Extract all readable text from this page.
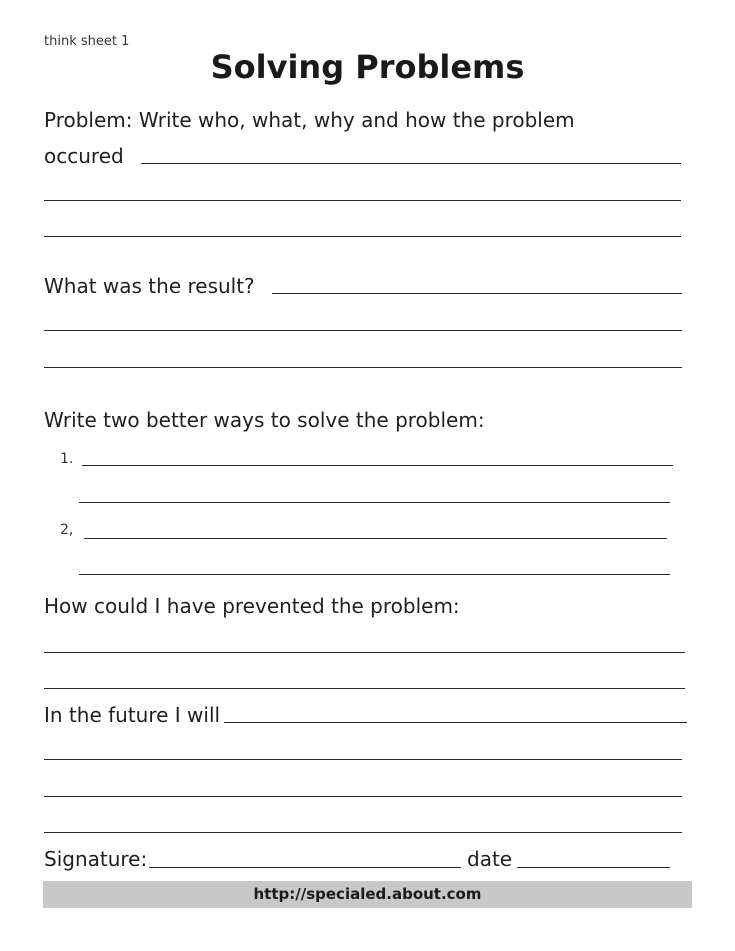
think sheet 1
Solving Problems
Problem: Write who, what, why and how the problem
occured
What was the result?
Write two better ways to solve the problem:
1.
2,
How could I have prevented the problem:
In the future I will
Signature:	date
http://specialed.about.com
